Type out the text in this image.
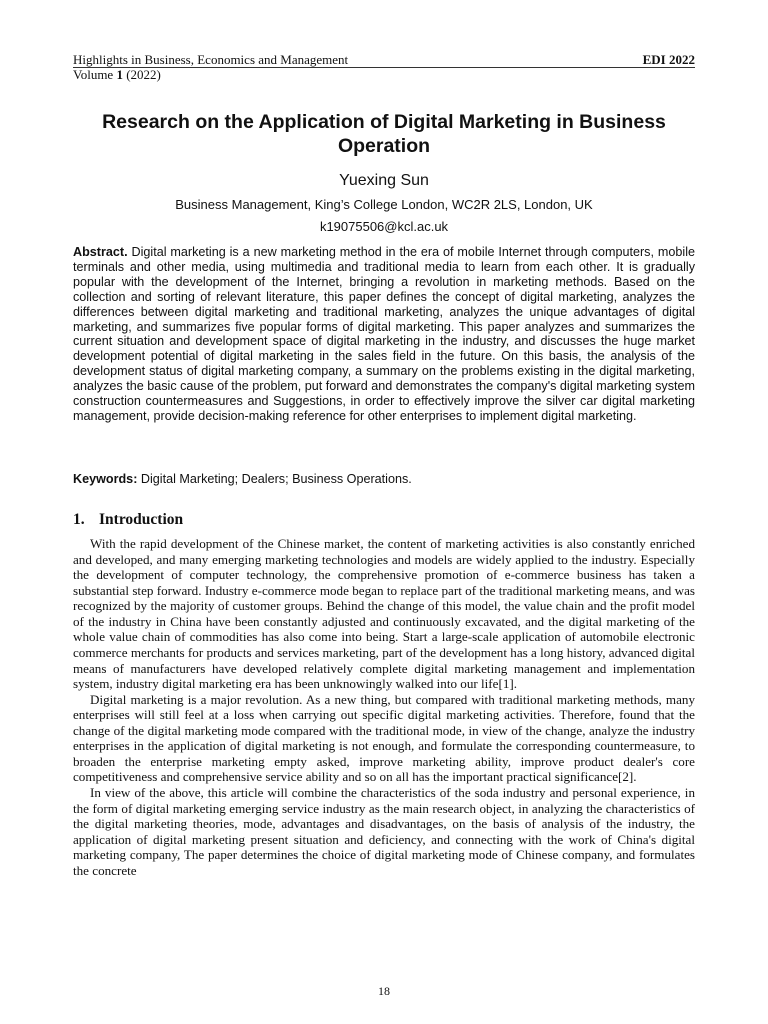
Highlights in Business, Economics and Management	EDI 2022
Volume 1 (2022)
Research on the Application of Digital Marketing in Business Operation
Yuexing Sun
Business Management, King’s College London, WC2R 2LS, London, UK
k19075506@kcl.ac.uk
Abstract. Digital marketing is a new marketing method in the era of mobile Internet through computers, mobile terminals and other media, using multimedia and traditional media to learn from each other. It is gradually popular with the development of the Internet, bringing a revolution in marketing methods. Based on the collection and sorting of relevant literature, this paper defines the concept of digital marketing, analyzes the differences between digital marketing and traditional marketing, analyzes the unique advantages of digital marketing, and summarizes five popular forms of digital marketing. This paper analyzes and summarizes the current situation and development space of digital marketing in the industry, and discusses the huge market development potential of digital marketing in the sales field in the future. On this basis, the analysis of the development status of digital marketing company, a summary on the problems existing in the digital marketing, analyzes the basic cause of the problem, put forward and demonstrates the company's digital marketing system construction countermeasures and Suggestions, in order to effectively improve the silver car digital marketing management, provide decision-making reference for other enterprises to implement digital marketing.
Keywords: Digital Marketing; Dealers; Business Operations.
1. Introduction

With the rapid development of the Chinese market, the content of marketing activities is also constantly enriched and developed, and many emerging marketing technologies and models are widely applied to the industry. Especially the development of computer technology, the comprehensive promotion of e-commerce business has taken a substantial step forward. Industry e-commerce mode began to replace part of the traditional marketing means, and was recognized by the majority of customer groups. Behind the change of this model, the value chain and the profit model of the industry in China have been constantly adjusted and continuously excavated, and the digital marketing of the whole value chain of commodities has also come into being. Start a large-scale application of automobile electronic commerce merchants for products and services marketing, part of the development has a long history, advanced digital means of manufacturers have developed relatively complete digital marketing management and implementation system, industry digital marketing era has been unknowingly walked into our life[1].

Digital marketing is a major revolution. As a new thing, but compared with traditional marketing methods, many enterprises will still feel at a loss when carrying out specific digital marketing activities. Therefore, found that the change of the digital marketing mode compared with the traditional mode, in view of the change, analyze the industry enterprises in the application of digital marketing is not enough, and formulate the corresponding countermeasure, to broaden the enterprise marketing empty asked, improve marketing ability, improve product dealer's core competitiveness and comprehensive service ability and so on all has the important practical significance[2].

In view of the above, this article will combine the characteristics of the soda industry and personal experience, in the form of digital marketing emerging service industry as the main research object, in analyzing the characteristics of the digital marketing theories, mode, advantages and disadvantages, on the basis of analysis of the industry, the application of digital marketing present situation and deficiency, and connecting with the work of China's digital marketing company, The paper determines the choice of digital marketing mode of Chinese company, and formulates the concrete

18
